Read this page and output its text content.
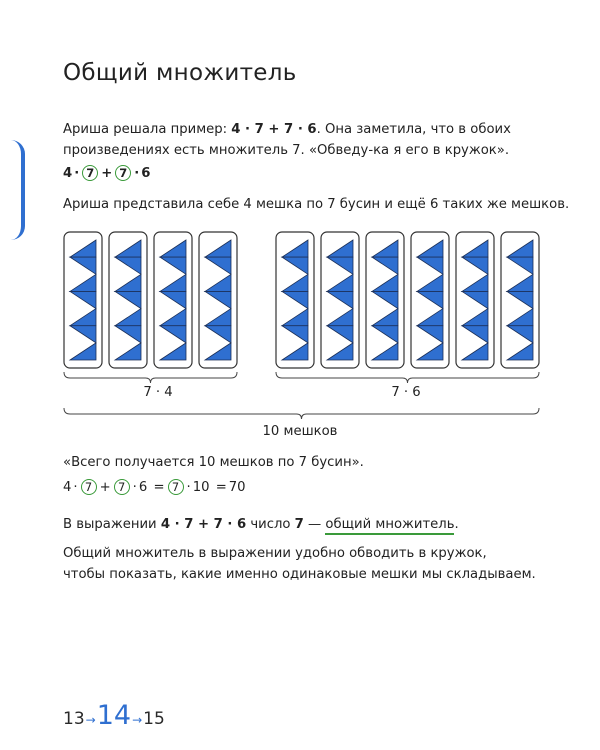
Общий множитель
Ариша решала пример: 4 · 7 + 7 · 6. Она заметила, что в обоих
произведениях есть множитель 7. «Обведу-ка я его в кружок».
4 · 7 + 7 · 6
Ариша представила себе 4 мешка по 7 бусин и ещё 6 таких же мешков.
7 · 4	7 · 6
10 мешков
«Всего получается 10 мешков по 7 бусин».
4 · 7 + 7 · 6 = 7 · 10 = 70
В выражении 4 · 7 + 7 · 6 число 7 — общий множитель.
Общий множитель в выражении удобно обводить в кружок,
чтобы показать, какие именно одинаковые мешки мы складываем.
13→14→15
